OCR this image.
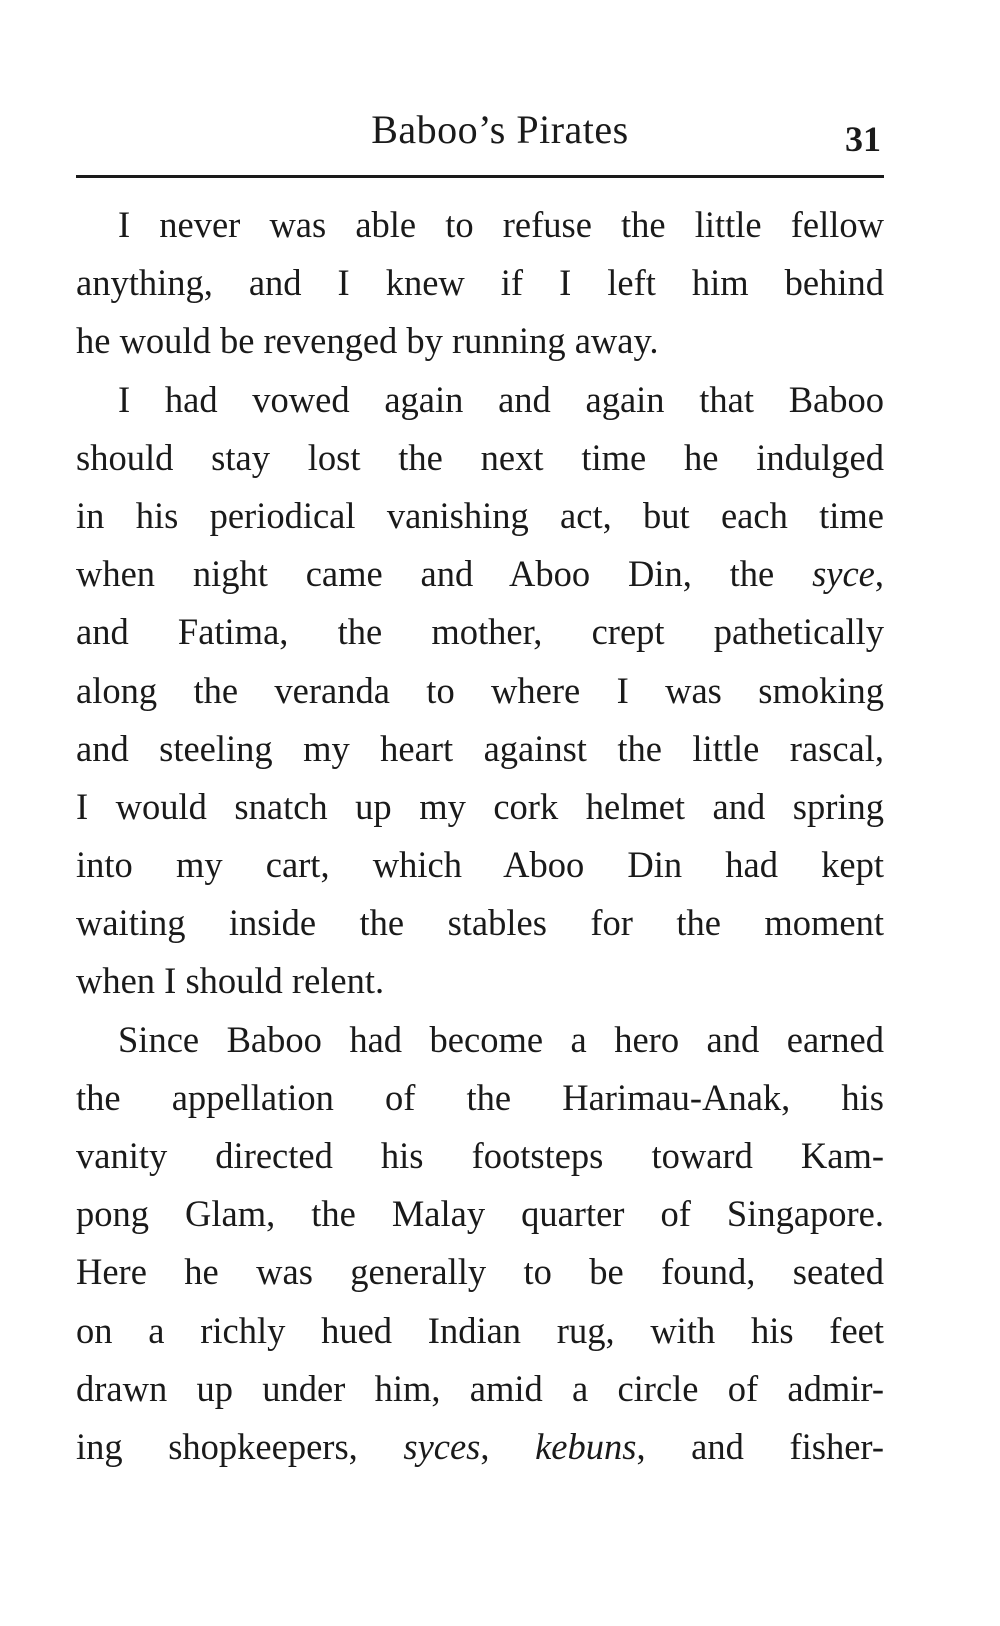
Baboo’s Pirates	31
I never was able to refuse the little fellow
anything, and I knew if I left him behind
he would be revenged by running away.
I had vowed again and again that Baboo
should stay lost the next time he indulged
in his periodical vanishing act, but each time
when night came and Aboo Din, the syce,
and Fatima, the mother, crept pathetically
along the veranda to where I was smoking
and steeling my heart against the little rascal,
I would snatch up my cork helmet and spring
into my cart, which Aboo Din had kept
waiting inside the stables for the moment
when I should relent.
Since Baboo had become a hero and earned
the appellation of the Harimau-Anak, his
vanity directed his footsteps toward Kam-
pong Glam, the Malay quarter of Singapore.
Here he was generally to be found, seated
on a richly hued Indian rug, with his feet
drawn up under him, amid a circle of admir-
ing shopkeepers, syces, kebuns, and fisher-
